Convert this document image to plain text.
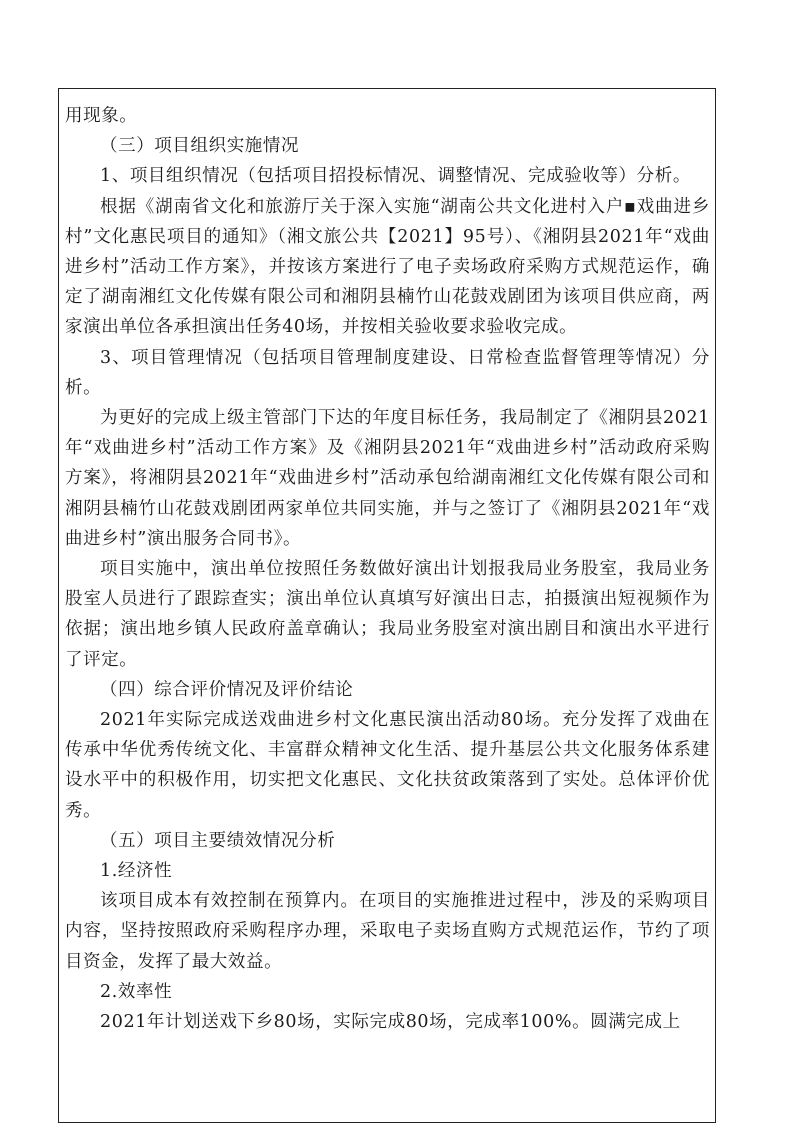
用现象。

（三）项目组织实施情况

1、项目组织情况（包括项目招投标情况、调整情况、完成验收等）分析。

根据《湖南省文化和旅游厅关于深入实施“湖南公共文化进村入户▪戏曲进乡村”文化惠民项目的通知》（湘文旅公共【2021】95号）、《湘阴县2021年“戏曲进乡村”活动工作方案》，并按该方案进行了电子卖场政府采购方式规范运作，确定了湖南湘红文化传媒有限公司和湘阴县楠竹山花鼓戏剧团为该项目供应商，两家演出单位各承担演出任务40场，并按相关验收要求验收完成。

3、项目管理情况（包括项目管理制度建设、日常检查监督管理等情况）分析。

为更好的完成上级主管部门下达的年度目标任务，我局制定了《湘阴县2021年“戏曲进乡村”活动工作方案》及《湘阴县2021年“戏曲进乡村”活动政府采购方案》，将湘阴县2021年“戏曲进乡村”活动承包给湖南湘红文化传媒有限公司和湘阴县楠竹山花鼓戏剧团两家单位共同实施，并与之签订了《湘阴县2021年“戏曲进乡村”演出服务合同书》。

项目实施中，演出单位按照任务数做好演出计划报我局业务股室，我局业务股室人员进行了跟踪查实；演出单位认真填写好演出日志，拍摄演出短视频作为依据；演出地乡镇人民政府盖章确认；我局业务股室对演出剧目和演出水平进行了评定。

（四）综合评价情况及评价结论

2021年实际完成送戏曲进乡村文化惠民演出活动80场。充分发挥了戏曲在传承中华优秀传统文化、丰富群众精神文化生活、提升基层公共文化服务体系建设水平中的积极作用，切实把文化惠民、文化扶贫政策落到了实处。总体评价优秀。

（五）项目主要绩效情况分析

1.经济性

该项目成本有效控制在预算内。在项目的实施推进过程中，涉及的采购项目内容，坚持按照政府采购程序办理，采取电子卖场直购方式规范运作，节约了项目资金，发挥了最大效益。

2.效率性

2021年计划送戏下乡80场，实际完成80场，完成率100%。圆满完成上
